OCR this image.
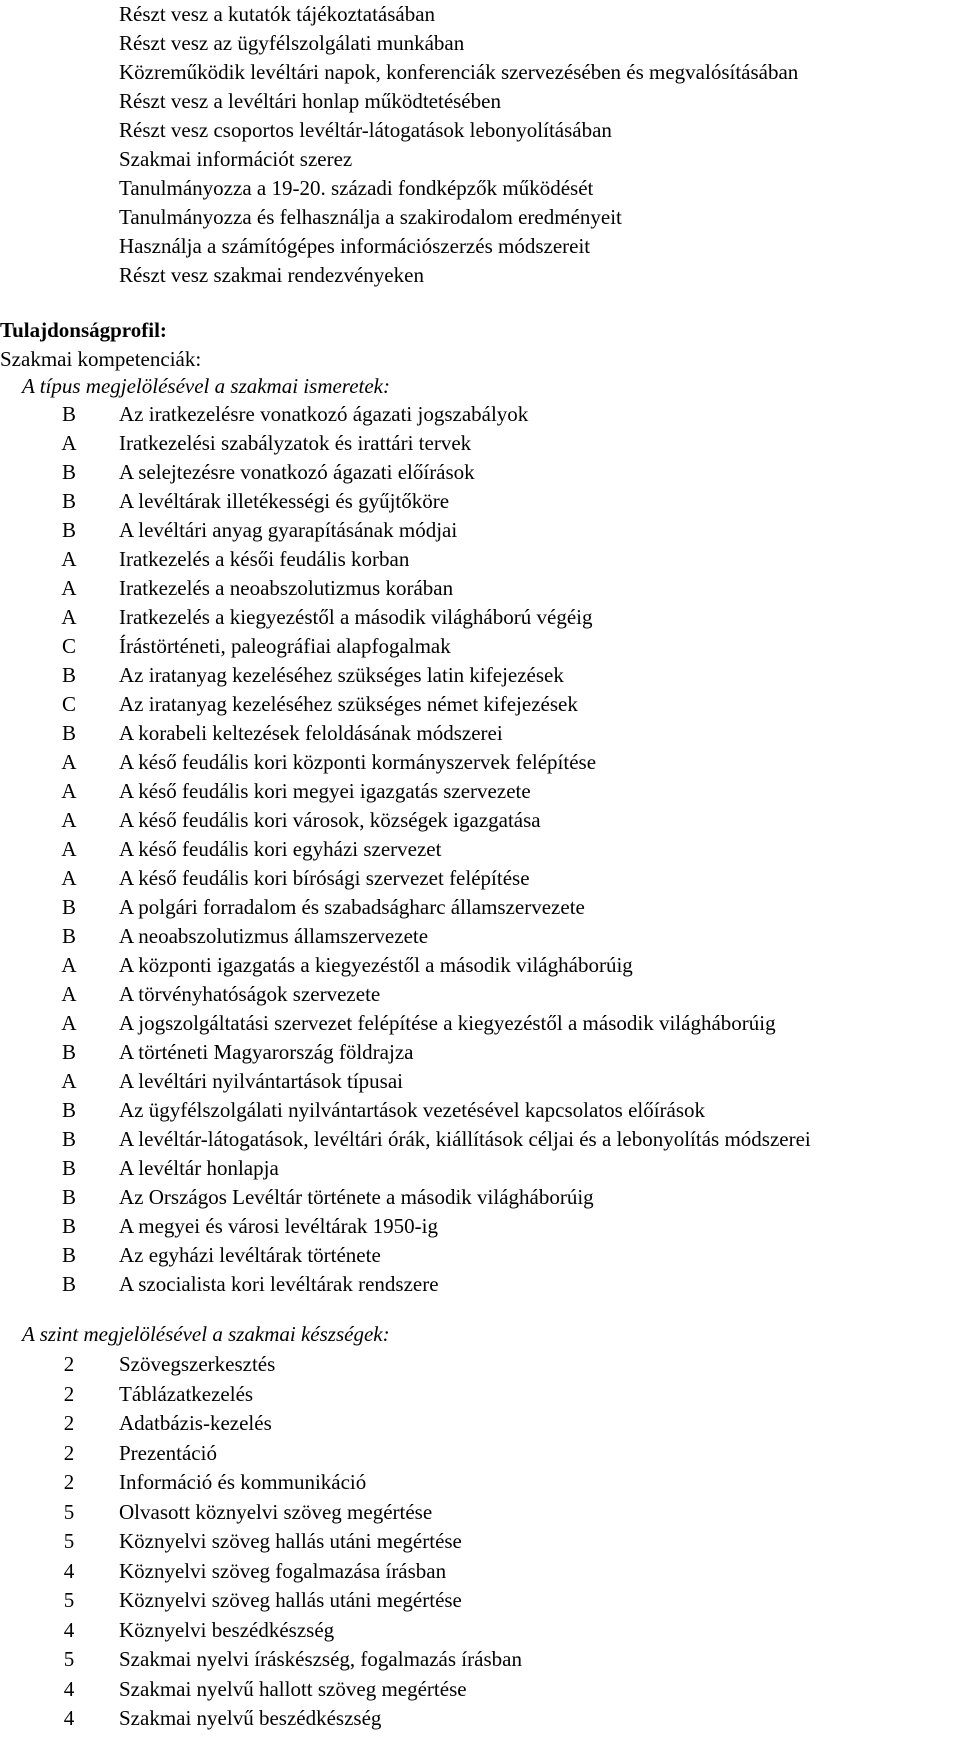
Részt vesz a kutatók tájékoztatásában
Részt vesz az ügyfélszolgálati munkában
Közreműködik levéltári napok, konferenciák szervezésében és megvalósításában
Részt vesz a levéltári honlap működtetésében
Részt vesz csoportos levéltár-látogatások lebonyolításában
Szakmai információt szerez
Tanulmányozza a 19-20. századi fondképzők működését
Tanulmányozza és felhasználja a szakirodalom eredményeit
Használja a számítógépes információszerzés módszereit
Részt vesz szakmai rendezvényeken
Tulajdonságprofil:
Szakmai kompetenciák:
A típus megjelölésével a szakmai ismeretek:
B	Az iratkezelésre vonatkozó ágazati jogszabályok
A	Iratkezelési szabályzatok és irattári tervek
B	A selejtezésre vonatkozó ágazati előírások
B	A levéltárak illetékességi és gyűjtőköre
B	A levéltári anyag gyarapításának módjai
A	Iratkezelés a késői feudális korban
A	Iratkezelés a neoabszolutizmus korában
A	Iratkezelés a kiegyezéstől a második világháború végéig
C	Írástörténeti, paleográfiai alapfogalmak
B	Az iratanyag kezeléséhez szükséges latin kifejezések
C	Az iratanyag kezeléséhez szükséges német kifejezések
B	A korabeli keltezések feloldásának módszerei
A	A késő feudális kori központi kormányszervek felépítése
A	A késő feudális kori megyei igazgatás szervezete
A	A késő feudális kori városok, községek igazgatása
A	A késő feudális kori egyházi szervezet
A	A késő feudális kori bírósági szervezet felépítése
B	A polgári forradalom és szabadságharc államszervezete
B	A neoabszolutizmus államszervezete
A	A központi igazgatás a kiegyezéstől a második világháborúig
A	A törvényhatóságok szervezete
A	A jogszolgáltatási szervezet felépítése a kiegyezéstől a második világháborúig
B	A történeti Magyarország földrajza
A	A levéltári nyilvántartások típusai
B	Az ügyfélszolgálati nyilvántartások vezetésével kapcsolatos előírások
B	A levéltár-látogatások, levéltári órák, kiállítások céljai és a lebonyolítás módszerei
B	A levéltár honlapja
B	Az Országos Levéltár története a második világháborúig
B	A megyei és városi levéltárak 1950-ig
B	Az egyházi levéltárak története
B	A szocialista kori levéltárak rendszere
A szint megjelölésével a szakmai készségek:
2	Szövegszerkesztés
2	Táblázatkezelés
2	Adatbázis-kezelés
2	Prezentáció
2	Információ és kommunikáció
5	Olvasott köznyelvi szöveg megértése
5	Köznyelvi szöveg hallás utáni megértése
4	Köznyelvi szöveg fogalmazása írásban
5	Köznyelvi szöveg hallás utáni megértése
4	Köznyelvi beszédkészség
5	Szakmai nyelvi íráskészség, fogalmazás írásban
4	Szakmai nyelvű hallott szöveg megértése
4	Szakmai nyelvű beszédkészség
